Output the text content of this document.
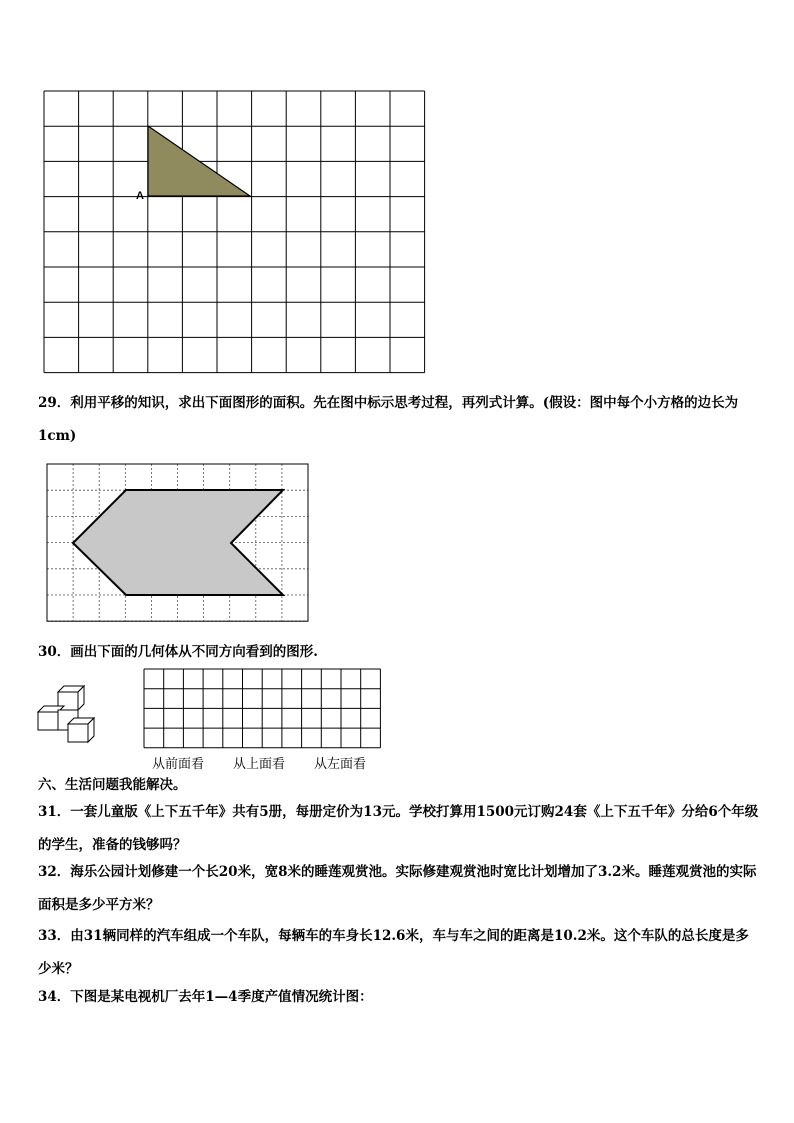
A
29．利用平移的知识，求出下面图形的面积。先在图中标示思考过程，再列式计算。(假设：图中每个小方格的边长为1cm)
30．画出下面的几何体从不同方向看到的图形.
从前面看 从上面看 从左面看
六、生活问题我能解决。
31．一套儿童版《上下五千年》共有5册，每册定价为13元。学校打算用1500元订购24套《上下五千年》分给6个年级的学生，准备的钱够吗？
32．海乐公园计划修建一个长20米，宽8米的睡莲观赏池。实际修建观赏池时宽比计划增加了3.2米。睡莲观赏池的实际面积是多少平方米？
33．由31辆同样的汽车组成一个车队，每辆车的车身长12.6米，车与车之间的距离是10.2米。这个车队的总长度是多少米？
34．下图是某电视机厂去年1—4季度产值情况统计图：
